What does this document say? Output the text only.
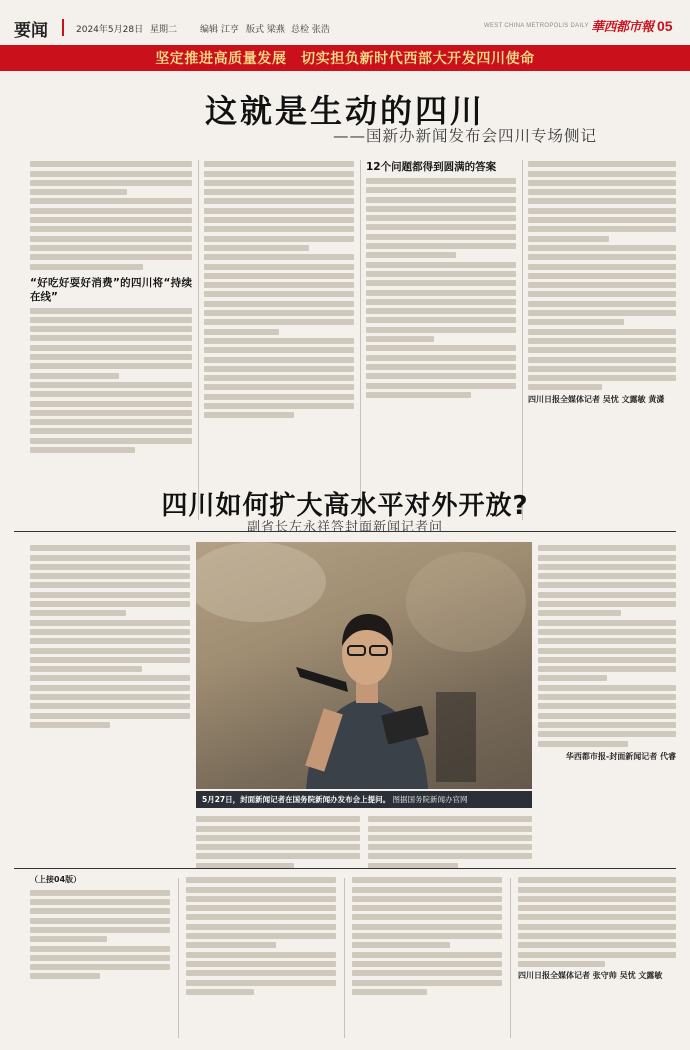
要闻	2024年5月28日 星期二	编辑 江亨 版式 梁燕 总检 张浩	WEST CHINA METROPOLIS DAILY 華西都市報 05
坚定推进高质量发展　切实担负新时代西部大开发四川使命
这就是生动的四川
——国新办新闻发布会四川专场侧记
“好吃好耍好消费”的四川将“持续在线”
12个问题都得到圆满的答案

四川日报全媒体记者 吴忧 文露敏 黄潇

四川如何扩大高水平对外开放?
副省长左永祥答封面新闻记者问
5月27日，封面新闻记者在国务院新闻办发布会上提问。 图据国务院新闻办官网

华西都市报-封面新闻记者 代睿

（上接04版）

四川日报全媒体记者 张守帅 吴忧 文露敏
